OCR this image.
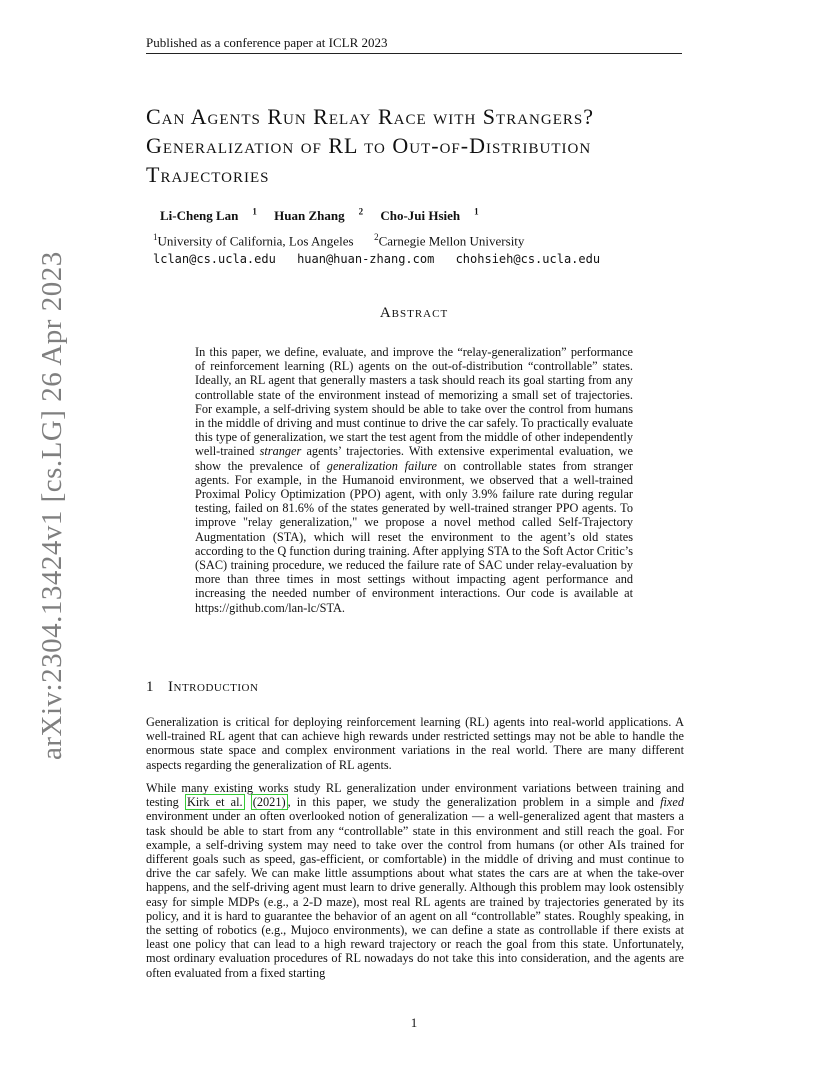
Published as a conference paper at ICLR 2023
arXiv:2304.13424v1 [cs.LG] 26 Apr 2023
Can Agents Run Relay Race with Strangers?
Generalization of RL to Out-of-Distribution
Trajectories
Li-Cheng Lan $^1$ Huan Zhang $^2$ Cho-Jui Hsieh $^1$
$^1$University of California, Los Angeles $^2$Carnegie Mellon University
lclan@cs.ucla.edu huan@huan-zhang.com chohsieh@cs.ucla.edu
Abstract

In this paper, we define, evaluate, and improve the “relay-generalization” performance of reinforcement learning (RL) agents on the out-of-distribution “controllable” states. Ideally, an RL agent that generally masters a task should reach its goal starting from any controllable state of the environment instead of memorizing a small set of trajectories. For example, a self-driving system should be able to take over the control from humans in the middle of driving and must continue to drive the car safely. To practically evaluate this type of generalization, we start the test agent from the middle of other independently well-trained stranger agents’ trajectories. With extensive experimental evaluation, we show the prevalence of generalization failure on controllable states from stranger agents. For example, in the Humanoid environment, we observed that a well-trained Proximal Policy Optimization (PPO) agent, with only 3.9% failure rate during regular testing, failed on 81.6% of the states generated by well-trained stranger PPO agents. To improve "relay generalization," we propose a novel method called Self-Trajectory Augmentation (STA), which will reset the environment to the agent’s old states according to the Q function during training. After applying STA to the Soft Actor Critic’s (SAC) training procedure, we reduced the failure rate of SAC under relay-evaluation by more than three times in most settings without impacting agent performance and increasing the needed number of environment interactions. Our code is available at https://github.com/lan-lc/STA.

1 Introduction

Generalization is critical for deploying reinforcement learning (RL) agents into real-world applications. A well-trained RL agent that can achieve high rewards under restricted settings may not be able to handle the enormous state space and complex environment variations in the real world. There are many different aspects regarding the generalization of RL agents.

While many existing works study RL generalization under environment variations between training and testing Kirk et al. (2021) , in this paper, we study the generalization problem in a simple and fixed environment under an often overlooked notion of generalization — a well-generalized agent that masters a task should be able to start from any “controllable” state in this environment and still reach the goal. For example, a self-driving system may need to take over the control from humans (or other AIs trained for different goals such as speed, gas-efficient, or comfortable) in the middle of driving and must continue to drive the car safely. We can make little assumptions about what states the cars are at when the take-over happens, and the self-driving agent must learn to drive generally. Although this problem may look ostensibly easy for simple MDPs (e.g., a 2-D maze), most real RL agents are trained by trajectories generated by its policy, and it is hard to guarantee the behavior of an agent on all “controllable” states. Roughly speaking, in the setting of robotics (e.g., Mujoco environments), we can define a state as controllable if there exists at least one policy that can lead to a high reward trajectory or reach the goal from this state. Unfortunately, most ordinary evaluation procedures of RL nowadays do not take this into consideration, and the agents are often evaluated from a fixed starting

1
